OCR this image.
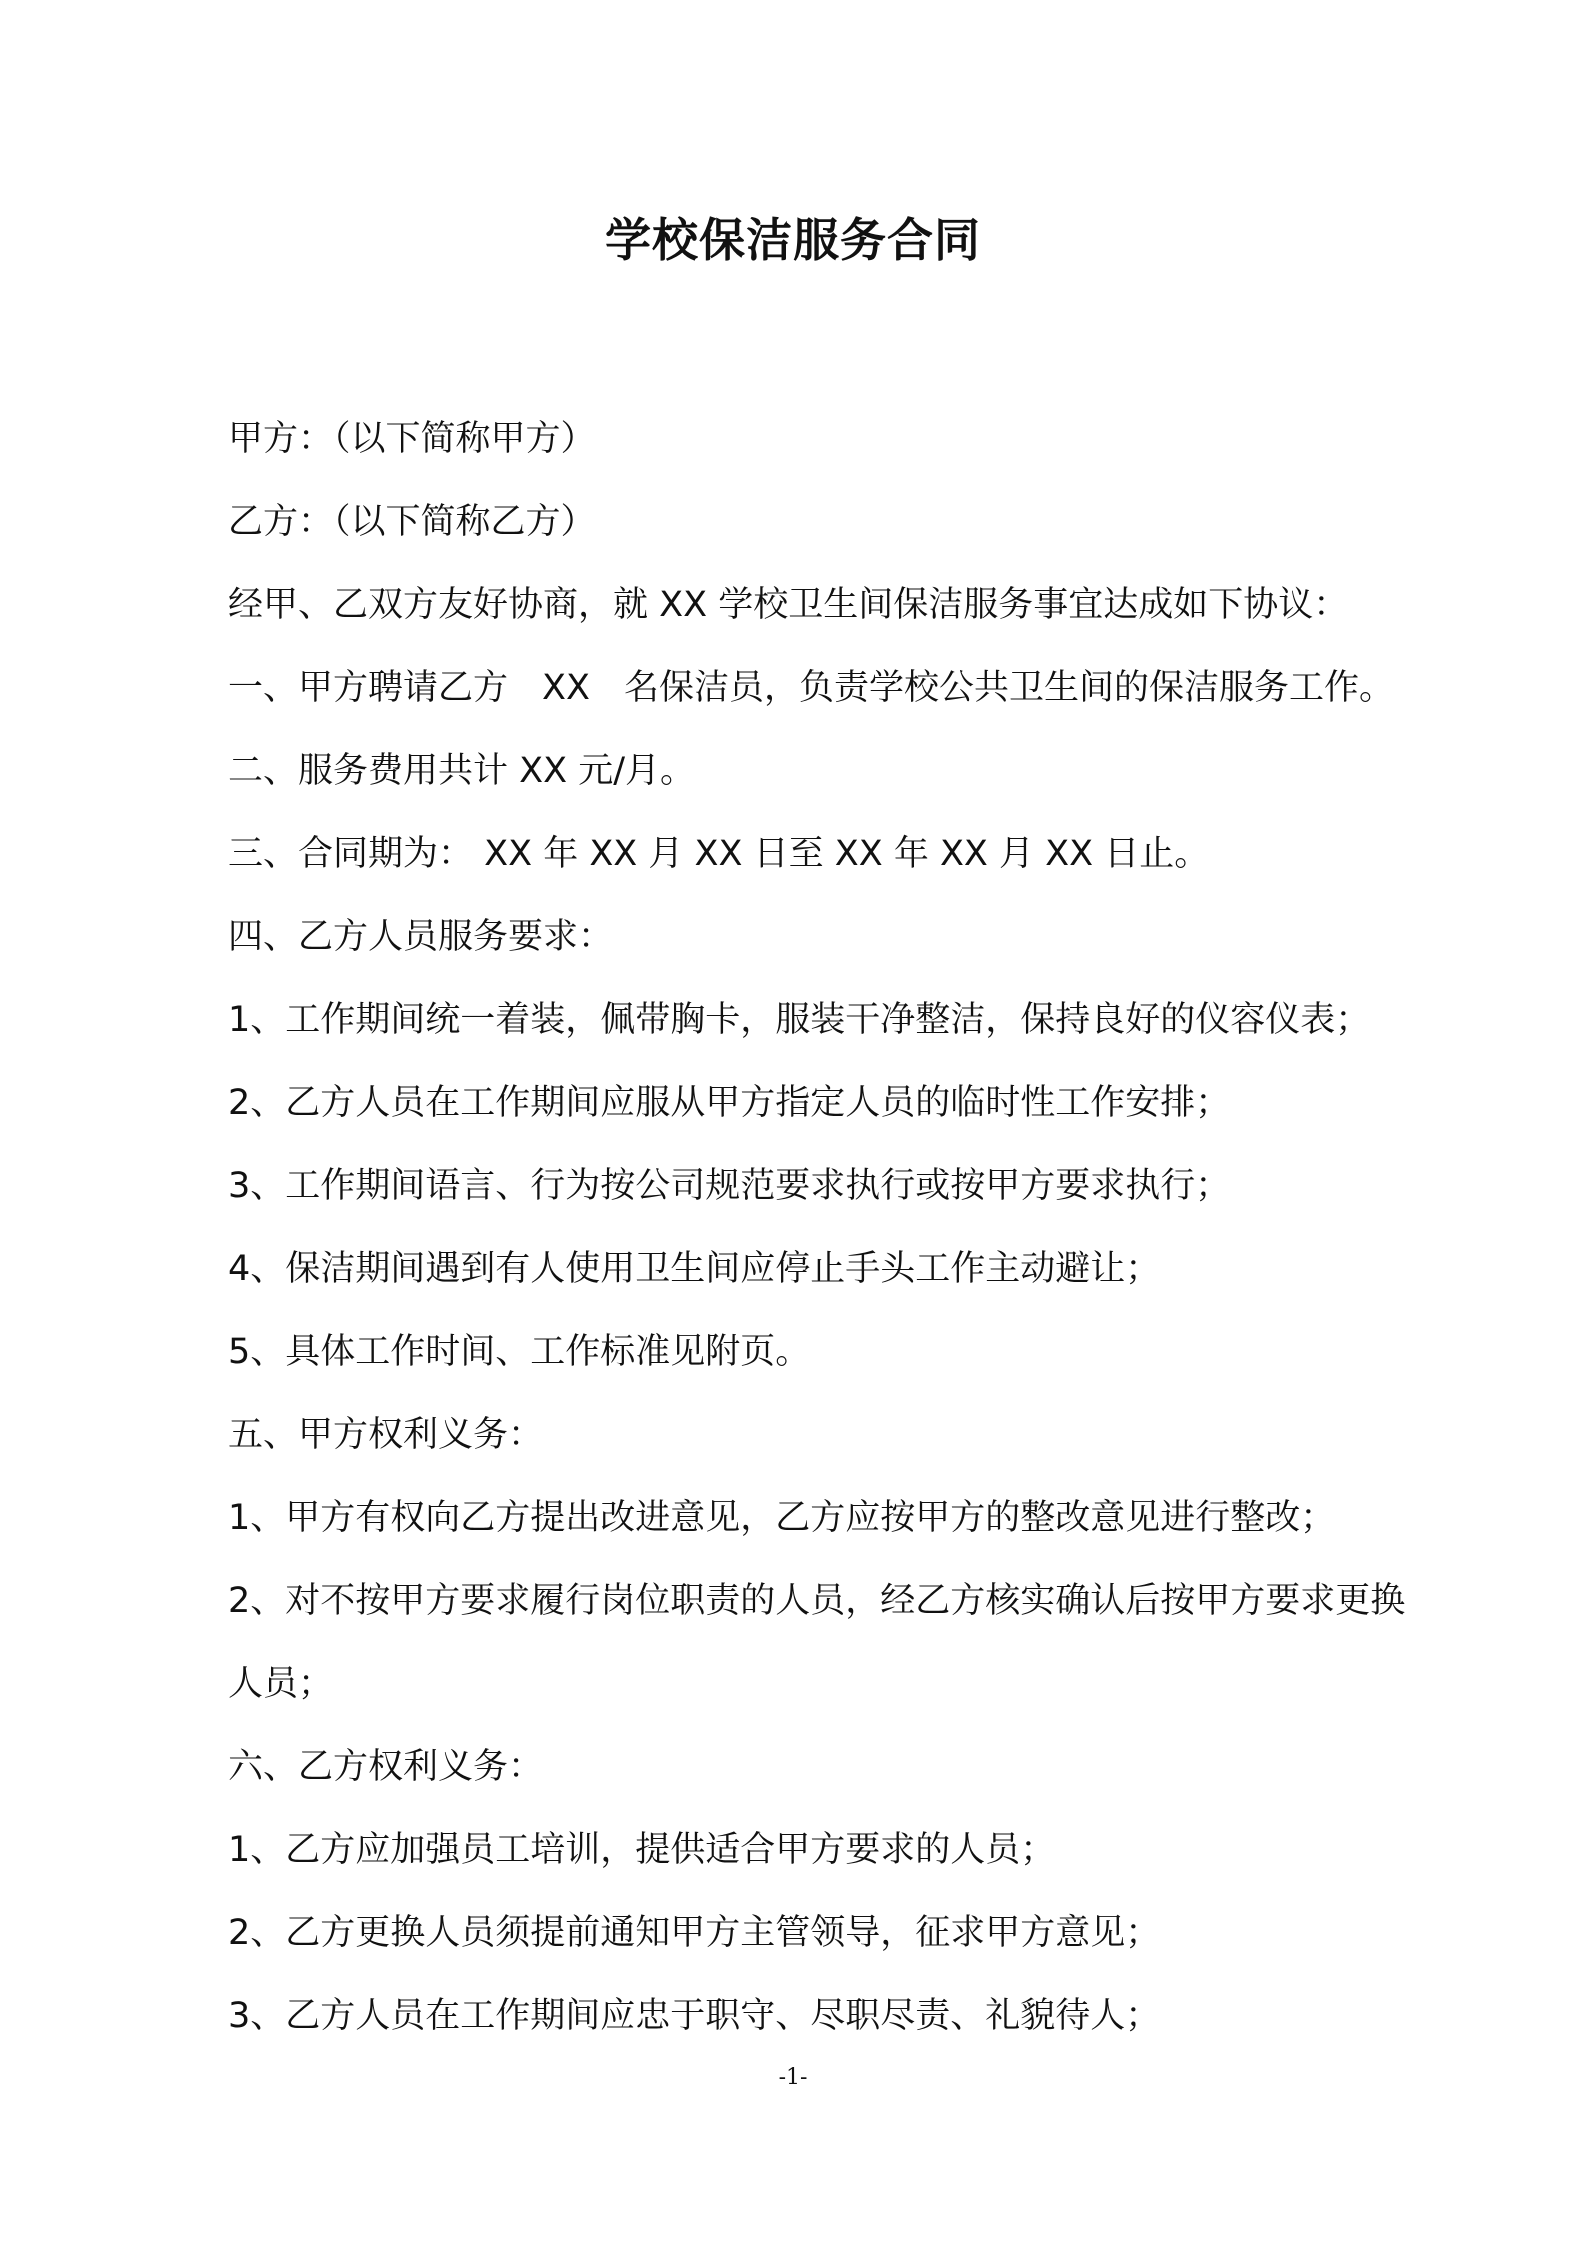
学校保洁服务合同

甲方：（以下简称甲方）

乙方：（以下简称乙方）

经甲、乙双方友好协商，就 XX 学校卫生间保洁服务事宜达成如下协议：

一、甲方聘请乙方 XX 名保洁员，负责学校公共卫生间的保洁服务工作。

二、服务费用共计 XX 元/月。

三、合同期为： XX 年 XX 月 XX 日至 XX 年 XX 月 XX 日止。

四、乙方人员服务要求：

1、工作期间统一着装，佩带胸卡，服装干净整洁，保持良好的仪容仪表；

2、乙方人员在工作期间应服从甲方指定人员的临时性工作安排；

3、工作期间语言、行为按公司规范要求执行或按甲方要求执行；

4、保洁期间遇到有人使用卫生间应停止手头工作主动避让；

5、具体工作时间、工作标准见附页。

五、甲方权利义务：

1、甲方有权向乙方提出改进意见，乙方应按甲方的整改意见进行整改；

2、对不按甲方要求履行岗位职责的人员，经乙方核实确认后按甲方要求更换人员；

六、乙方权利义务：

1、乙方应加强员工培训，提供适合甲方要求的人员；

2、乙方更换人员须提前通知甲方主管领导，征求甲方意见；

3、乙方人员在工作期间应忠于职守、尽职尽责、礼貌待人；

-1-
